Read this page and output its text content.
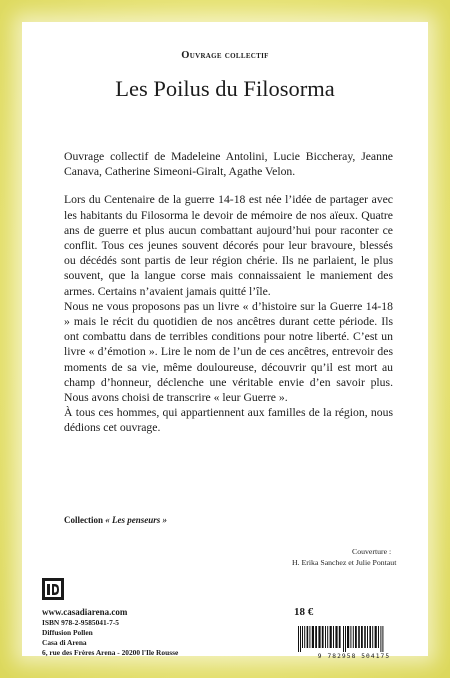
Ouvrage collectif
Les Poilus du Filosorma

Ouvrage collectif de Madeleine Antolini, Lucie Biccheray, Jeanne Canava, Catherine Simeoni-Giralt, Agathe Velon.

Lors du Centenaire de la guerre 14-18 est née l’idée de partager avec les habitants du Filosorma le devoir de mémoire de nos aïeux. Quatre ans de guerre et plus aucun combattant aujourd’hui pour raconter ce conflit. Tous ces jeunes souvent décorés pour leur bravoure, blessés ou décédés sont partis de leur région chérie. Ils ne parlaient, le plus souvent, que la langue corse mais connaissaient le maniement des armes. Certains n’avaient jamais quitté l’île.

Nous ne vous proposons pas un livre « d’histoire sur la Guerre 14-18 » mais le récit du quotidien de nos ancêtres durant cette période. Ils ont combattu dans de terribles conditions pour notre liberté. C’est un livre « d’émotion ». Lire le nom de l’un de ces ancêtres, entrevoir des moments de sa vie, même douloureuse, découvrir qu’il est mort au champ d’honneur, déclenche une véritable envie d’en savoir plus. Nous avons choisi de transcrire « leur Guerre ».

À tous ces hommes, qui appartiennent aux familles de la région, nous dédions cet ouvrage.

Collection « Les penseurs »
Couverture :
H. Erika Sanchez et Julie Pontaut
www.casadiarena.com
ISBN 978-2-9585041-7-5
Diffusion Pollen
Casa di Arena
6, rue des Frères Arena - 20200 l'Ile Rousse
18 €
9 782958 504175
